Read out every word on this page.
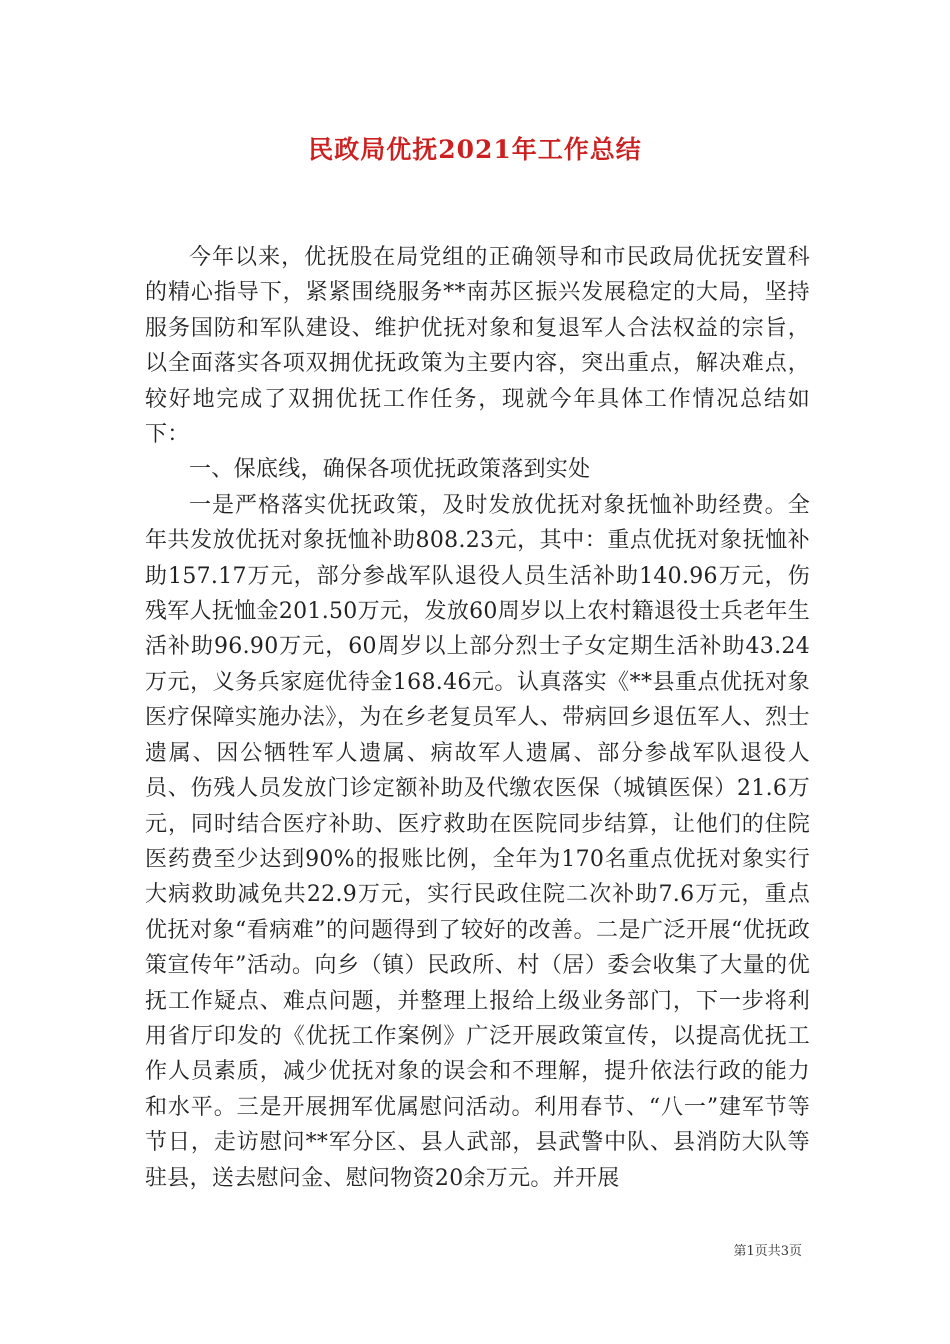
民政局优抚2021年工作总结

今年以来，优抚股在局党组的正确领导和市民政局优抚安置科的精心指导下，紧紧围绕服务**南苏区振兴发展稳定的大局，坚持服务国防和军队建设、维护优抚对象和复退军人合法权益的宗旨，以全面落实各项双拥优抚政策为主要内容，突出重点，解决难点，较好地完成了双拥优抚工作任务，现就今年具体工作情况总结如下：

一、保底线，确保各项优抚政策落到实处

一是严格落实优抚政策，及时发放优抚对象抚恤补助经费。全年共发放优抚对象抚恤补助808.23元，其中：重点优抚对象抚恤补助157.17万元，部分参战军队退役人员生活补助140.96万元，伤残军人抚恤金201.50万元，发放60周岁以上农村籍退役士兵老年生活补助96.90万元，60周岁以上部分烈士子女定期生活补助43.24万元，义务兵家庭优待金168.46元。认真落实《**县重点优抚对象医疗保障实施办法》，为在乡老复员军人、带病回乡退伍军人、烈士遗属、因公牺牲军人遗属、病故军人遗属、部分参战军队退役人员、伤残人员发放门诊定额补助及代缴农医保（城镇医保）21.6万元，同时结合医疗补助、医疗救助在医院同步结算，让他们的住院医药费至少达到90%的报账比例，全年为170名重点优抚对象实行大病救助减免共22.9万元，实行民政住院二次补助7.6万元，重点优抚对象“看病难”的问题得到了较好的改善。二是广泛开展“优抚政策宣传年”活动。向乡（镇）民政所、村（居）委会收集了大量的优抚工作疑点、难点问题，并整理上报给上级业务部门，下一步将利用省厅印发的《优抚工作案例》广泛开展政策宣传，以提高优抚工作人员素质，减少优抚对象的误会和不理解，提升依法行政的能力和水平。三是开展拥军优属慰问活动。利用春节、“八一”建军节等节日，走访慰问**军分区、县人武部，县武警中队、县消防大队等驻县，送去慰问金、慰问物资20余万元。并开展

第1页共3页
